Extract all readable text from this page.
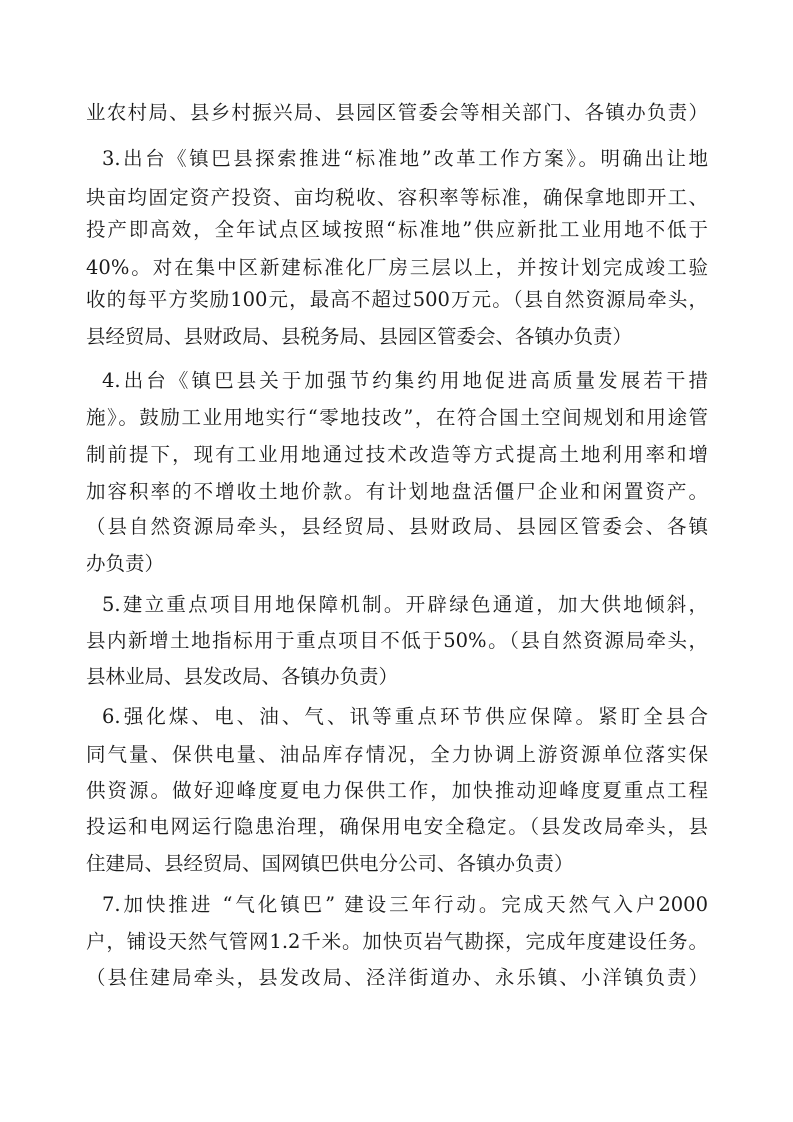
业农村局、县乡村振兴局、县园区管委会等相关部门、各镇办负责）
3.出台《镇巴县探索推进“标准地”改革工作方案》。明确出让地
块亩均固定资产投资、亩均税收、容积率等标准，确保拿地即开工、
投产即高效，全年试点区域按照“标准地”供应新批工业用地不低于
40%。对在集中区新建标准化厂房三层以上，并按计划完成竣工验
收的每平方奖励100元，最高不超过500万元。（县自然资源局牵头，
县经贸局、县财政局、县税务局、县园区管委会、各镇办负责）
4.出台《镇巴县关于加强节约集约用地促进高质量发展若干措
施》。鼓励工业用地实行“零地技改”，在符合国土空间规划和用途管
制前提下，现有工业用地通过技术改造等方式提高土地利用率和增
加容积率的不增收土地价款。有计划地盘活僵尸企业和闲置资产。
（县自然资源局牵头，县经贸局、县财政局、县园区管委会、各镇
办负责）
5.建立重点项目用地保障机制。开辟绿色通道，加大供地倾斜，
县内新增土地指标用于重点项目不低于50%。（县自然资源局牵头，
县林业局、县发改局、各镇办负责）
6.强化煤、电、油、气、讯等重点环节供应保障。紧盯全县合
同气量、保供电量、油品库存情况，全力协调上游资源单位落实保
供资源。做好迎峰度夏电力保供工作，加快推动迎峰度夏重点工程
投运和电网运行隐患治理，确保用电安全稳定。（县发改局牵头，县
住建局、县经贸局、国网镇巴供电分公司、各镇办负责）
7.加快推进 “气化镇巴” 建设三年行动。完成天然气入户2000
户，铺设天然气管网1.2千米。加快页岩气勘探，完成年度建设任务。
（县住建局牵头，县发改局、泾洋街道办、永乐镇、小洋镇负责）
